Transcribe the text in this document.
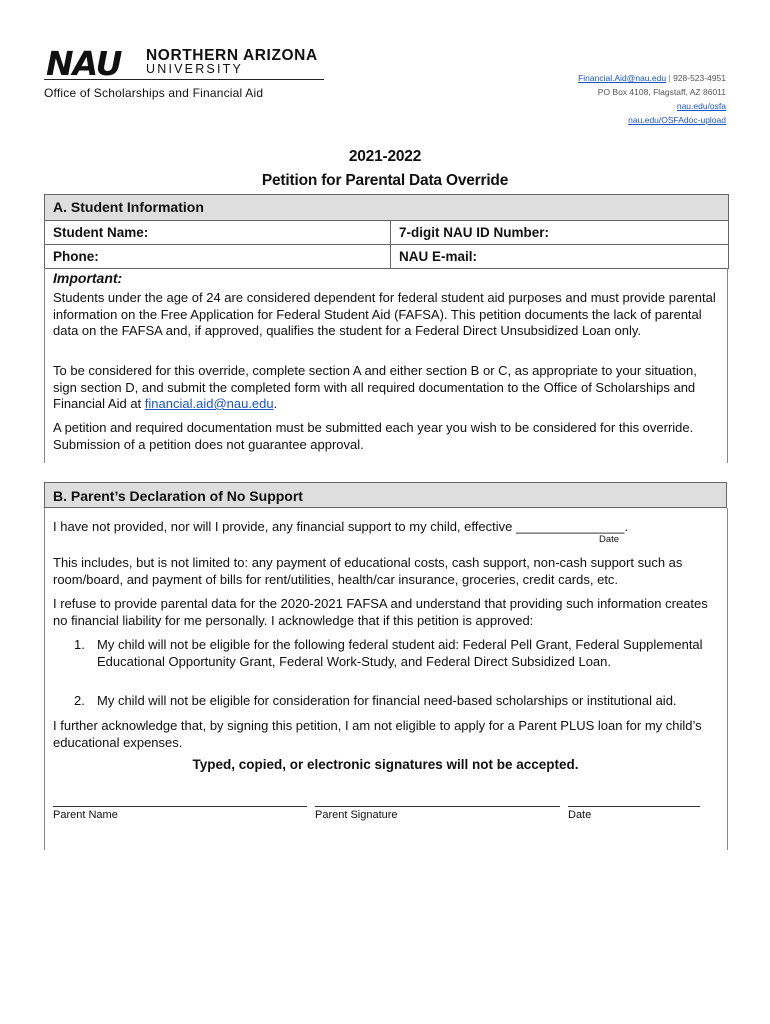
NAU NORTHERN ARIZONA
UNIVERSITY
Office of Scholarships and Financial Aid
Financial.Aid@nau.edu | 928-523-4951
PO Box 4108, Flagstaff, AZ 86011
nau.edu/osfa
nau.edu/OSFAdoc-upload
2021-2022
Petition for Parental Data Override
A. Student Information
Student Name:	7-digit NAU ID Number:
Phone:	NAU E-mail:
Important:
Students under the age of 24 are considered dependent for federal student aid purposes and must provide parental information on the Free Application for Federal Student Aid (FAFSA). This petition documents the lack of parental data on the FAFSA and, if approved, qualifies the student for a Federal Direct Unsubsidized Loan only.
To be considered for this override, complete section A and either section B or C, as appropriate to your situation, sign section D, and submit the completed form with all required documentation to the Office of Scholarships and Financial Aid at financial.aid@nau.edu.
A petition and required documentation must be submitted each year you wish to be considered for this override. Submission of a petition does not guarantee approval.
B. Parent’s Declaration of No Support
I have not provided, nor will I provide, any financial support to my child, effective _______________.
Date
This includes, but is not limited to: any payment of educational costs, cash support, non-cash support such as room/board, and payment of bills for rent/utilities, health/car insurance, groceries, credit cards, etc.
I refuse to provide parental data for the 2020-2021 FAFSA and understand that providing such information creates no financial liability for me personally. I acknowledge that if this petition is approved:
1. My child will not be eligible for the following federal student aid: Federal Pell Grant, Federal Supplemental Educational Opportunity Grant, Federal Work-Study, and Federal Direct Subsidized Loan.
2. My child will not be eligible for consideration for financial need-based scholarships or institutional aid.
I further acknowledge that, by signing this petition, I am not eligible to apply for a Parent PLUS loan for my child’s educational expenses.
Typed, copied, or electronic signatures will not be accepted.
Parent Name	Parent Signature	Date
